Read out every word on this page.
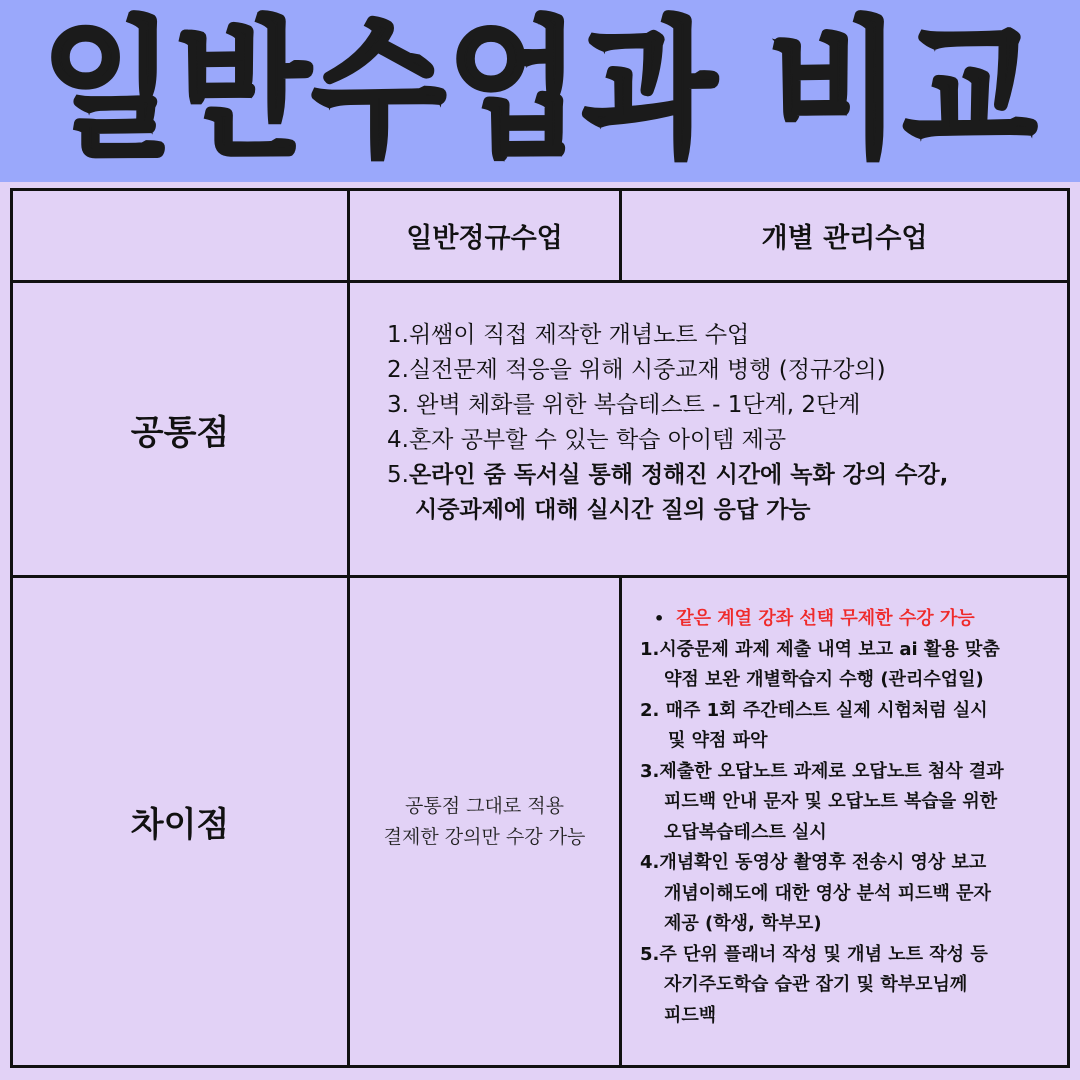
일반수업과 비교
일반정규수업	개별 관리수업
공통점
차이점	공통점 그대로 적용
결제한 강의만 수강 가능
1. 위쌤이 직접 제작한 개념노트 수업
2. 실전문제 적응을 위해 시중교재 병행 (정규강의)
3. 완벽 체화를 위한 복습테스트 - 1단계, 2단계
4. 혼자 공부할 수 있는 학습 아이템 제공
5. 온라인 줌 독서실 통해 정해진 시간에 녹화 강의 수강,
시중과제에 대해 실시간 질의 응답 가능
• 같은 계열 강좌 선택 무제한 수강 가능
1.시중문제 과제 제출 내역 보고 ai 활용 맞춤
약점 보완 개별학습지 수행 (관리수업일)
2. 매주 1회 주간테스트 실제 시험처럼 실시
및 약점 파악
3.제출한 오답노트 과제로 오답노트 첨삭 결과
피드백 안내 문자 및 오답노트 복습을 위한
오답복습테스트 실시
4.개념확인 동영상 촬영후 전송시 영상 보고
개념이해도에 대한 영상 분석 피드백 문자
제공 (학생, 학부모)
5.주 단위 플래너 작성 및 개념 노트 작성 등
자기주도학습 습관 잡기 및 학부모님께
피드백
